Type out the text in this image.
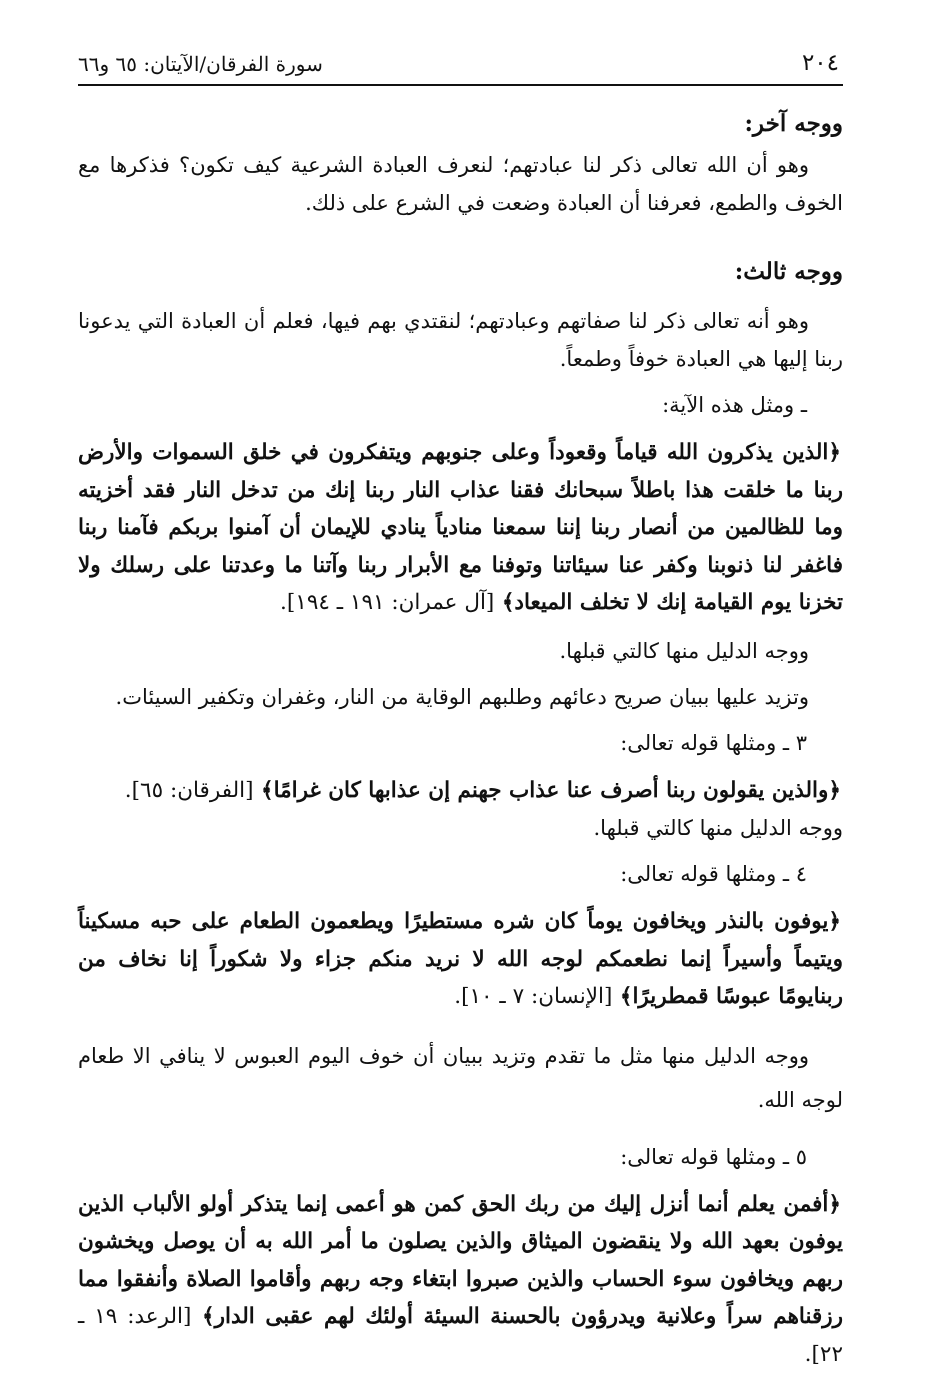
٢٠٤
سورة الفرقان/الآيتان: ٦٥ و٦٦

ووجه آخر:

وهو أن الله تعالى ذكر لنا عبادتهم؛ لنعرف العبادة الشرعية كيف تكون؟ فذكرها مع الخوف والطمع، فعرفنا أن العبادة وضعت في الشرع على ذلك.

ووجه ثالث:

وهو أنه تعالى ذكر لنا صفاتهم وعبادتهم؛ لنقتدي بهم فيها، فعلم أن العبادة التي يدعونا ربنا إليها هي العبادة خوفاً وطمعاً.

ـ ومثل هذه الآية:

﴿الذين يذكرون الله قياماً وقعوداً وعلى جنوبهم ويتفكرون في خلق السموات والأرض ربنا ما خلقت هذا باطلاً سبحانك فقنا عذاب النار ربنا إنك من تدخل النار فقد أخزيته وما للظالمين من أنصار ربنا إننا سمعنا منادياً ينادي للإيمان أن آمنوا بربكم فآمنا ربنا فاغفر لنا ذنوبنا وكفر عنا سيئاتنا وتوفنا مع الأبرار ربنا وآتنا ما وعدتنا على رسلك ولا تخزنا يوم القيامة إنك لا تخلف الميعاد﴾ [آل عمران: ١٩١ ـ ١٩٤].

ووجه الدليل منها كالتي قبلها.

وتزيد عليها ببيان صريح دعائهم وطلبهم الوقاية من النار، وغفران وتكفير السيئات.

٣ ـ ومثلها قوله تعالى:

﴿والذين يقولون ربنا أصرف عنا عذاب جهنم إن عذابها كان غرامًا﴾ [الفرقان: ٦٥].

ووجه الدليل منها كالتي قبلها.

٤ ـ ومثلها قوله تعالى:

﴿يوفون بالنذر ويخافون يوماً كان شره مستطيرًا ويطعمون الطعام على حبه مسكيناً ويتيماً وأسيراً إنما نطعمكم لوجه الله لا نريد منكم جزاء ولا شكوراً إنا نخاف من ربنايومًا عبوسًا قمطريرًا﴾ [الإنسان: ٧ ـ ١٠].

ووجه الدليل منها مثل ما تقدم وتزيد ببيان أن خوف اليوم العبوس لا ينافي الا طعام لوجه الله.

٥ ـ ومثلها قوله تعالى:

﴿أفمن يعلم أنما أنزل إليك من ربك الحق كمن هو أعمى إنما يتذكر أولو الألباب الذين يوفون بعهد الله ولا ينقضون الميثاق والذين يصلون ما أمر الله به أن يوصل ويخشون ربهم ويخافون سوء الحساب والذين صبروا ابتغاء وجه ربهم وأقاموا الصلاة وأنفقوا مما رزقناهم سراً وعلانية ويدرؤون بالحسنة السيئة أولئك لهم عقبى الدار﴾ [الرعد: ١٩ ـ ٢٢].
